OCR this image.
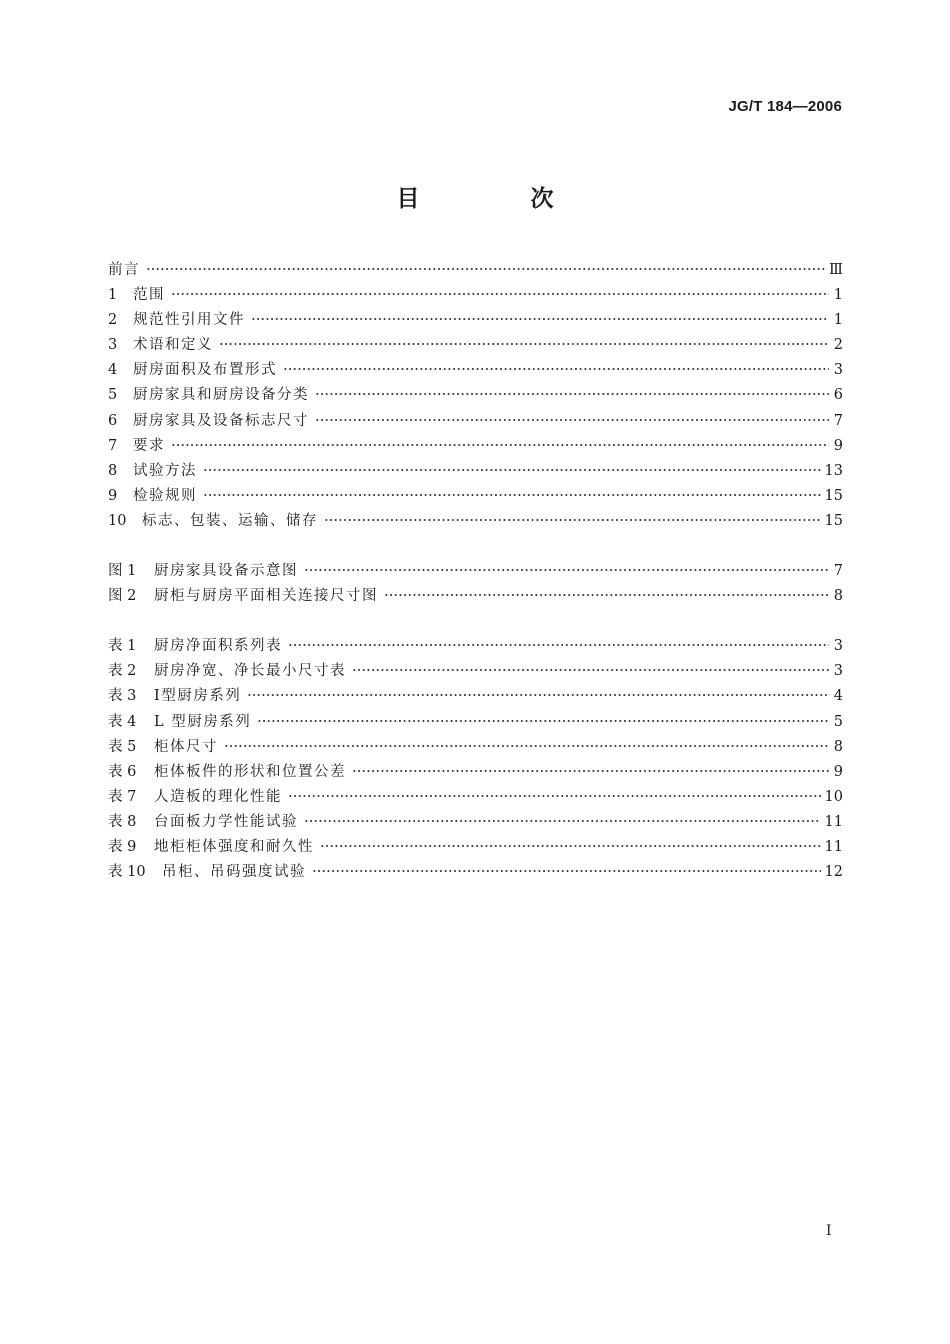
JG/T 184—2006
目　次
前言	Ⅲ
1	范围	1
2	规范性引用文件	1
3	术语和定义	2
4	厨房面积及布置形式	3
5	厨房家具和厨房设备分类	6
6	厨房家具及设备标志尺寸	7
7	要求	9
8	试验方法	13
9	检验规则	15
10	标志、包装、运输、储存	15
图 1	厨房家具设备示意图	7
图 2	厨柜与厨房平面相关连接尺寸图	8
表 1	厨房净面积系列表	3
表 2	厨房净宽、净长最小尺寸表	3
表 3	Ⅰ型厨房系列	4
表 4	L 型厨房系列	5
表 5	柜体尺寸	8
表 6	柜体板件的形状和位置公差	9
表 7	人造板的理化性能	10
表 8	台面板力学性能试验	11
表 9	地柜柜体强度和耐久性	11
表 10	吊柜、吊码强度试验	12
I
